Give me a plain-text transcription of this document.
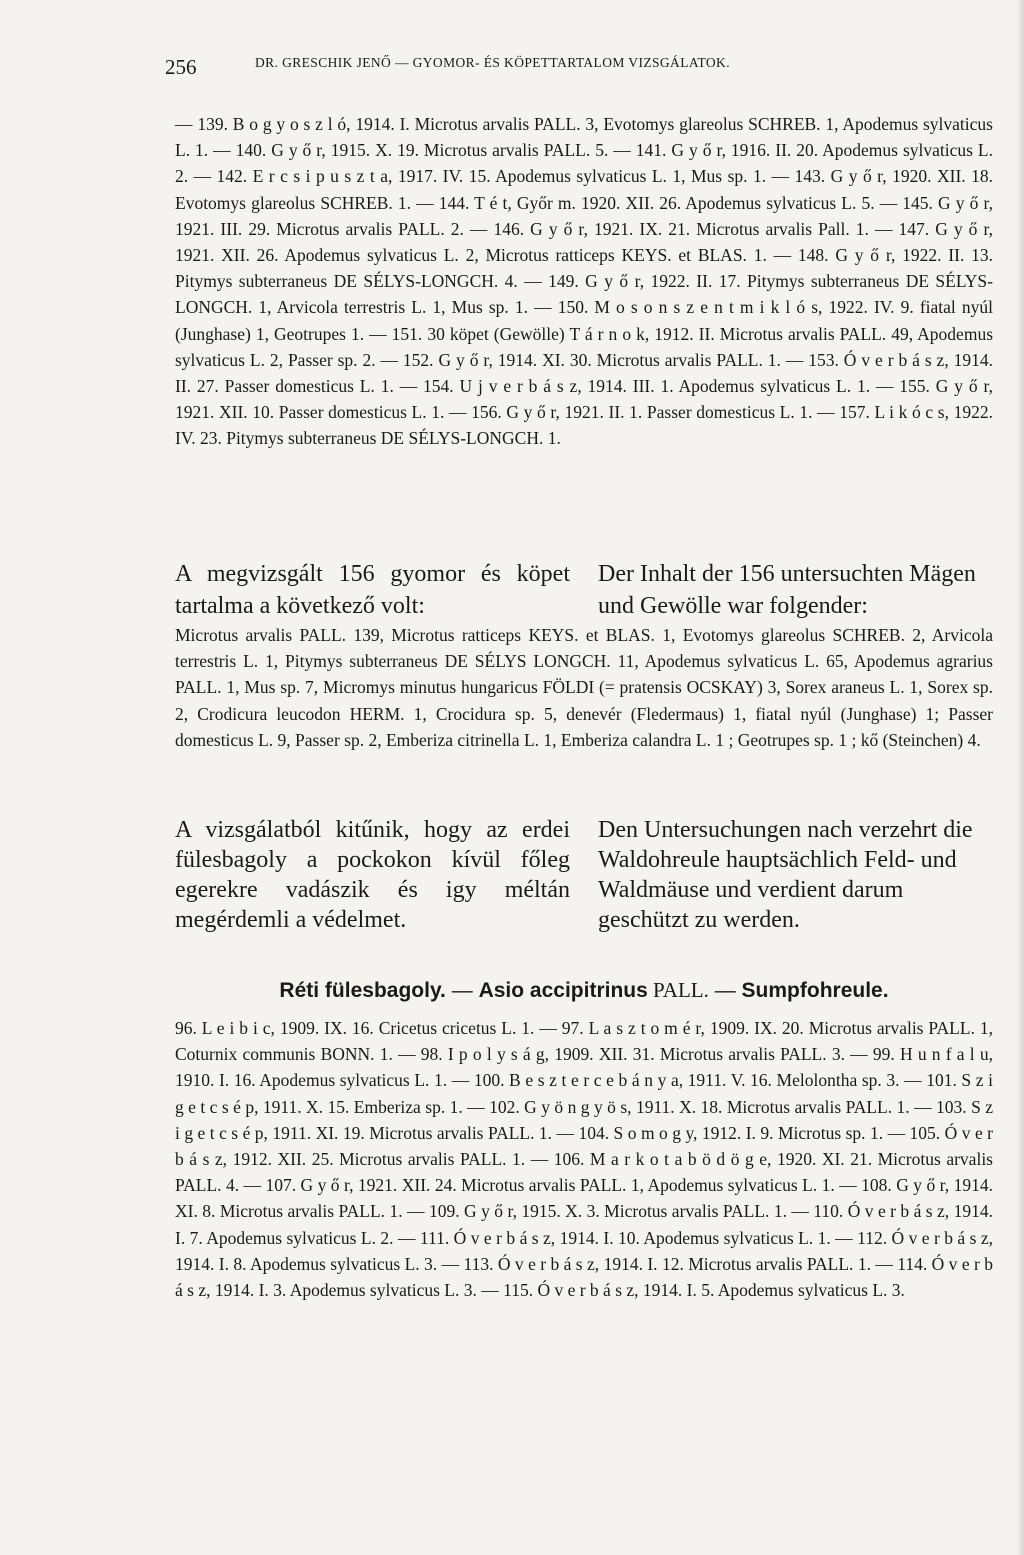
256	DR. GRESCHIK JENŐ — GYOMOR- ÉS KÖPETTARTALOM VIZSGÁLATOK.

— 139. B o g y o s z l ó, 1914. I. Microtus arvalis PALL. 3, Evotomys glareolus SCHREB. 1, Apodemus sylvaticus L. 1. — 140. G y ő r, 1915. X. 19. Microtus arvalis PALL. 5. — 141. G y ő r, 1916. II. 20. Apodemus sylvaticus L. 2. — 142. E r c s i p u s z t a, 1917. IV. 15. Apodemus sylvaticus L. 1, Mus sp. 1. — 143. G y ő r, 1920. XII. 18. Evotomys glareolus SCHREB. 1. — 144. T é t, Győr m. 1920. XII. 26. Apodemus sylvaticus L. 5. — 145. G y ő r, 1921. III. 29. Microtus arvalis PALL. 2. — 146. G y ő r, 1921. IX. 21. Microtus arvalis Pall. 1. — 147. G y ő r, 1921. XII. 26. Apodemus sylvaticus L. 2, Microtus ratticeps KEYS. et BLAS. 1. — 148. G y ő r, 1922. II. 13. Pitymys subterraneus DE SÉLYS-LONGCH. 4. — 149. G y ő r, 1922. II. 17. Pitymys subterraneus DE SÉLYS-LONGCH. 1, Arvicola terrestris L. 1, Mus sp. 1. — 150. M o s o n s z e n t m i k l ó s, 1922. IV. 9. fiatal nyúl (Junghase) 1, Geotrupes 1. — 151. 30 köpet (Gewölle) T á r n o k, 1912. II. Microtus arvalis PALL. 49, Apodemus sylvaticus L. 2, Passer sp. 2. — 152. G y ő r, 1914. XI. 30. Microtus arvalis PALL. 1. — 153. Ó v e r b á s z, 1914. II. 27. Passer domesticus L. 1. — 154. U j v e r b á s z, 1914. III. 1. Apodemus sylvaticus L. 1. — 155. G y ő r, 1921. XII. 10. Passer domesticus L. 1. — 156. G y ő r, 1921. II. 1. Passer domesticus L. 1. — 157. L i k ó c s, 1922. IV. 23. Pitymys subterraneus DE SÉLYS-LONGCH. 1.

A megvizsgált 156 gyomor és köpet tartalma a következő volt:
Der Inhalt der 156 untersuchten Mägen und Gewölle war folgender:

Microtus arvalis PALL. 139, Microtus ratticeps KEYS. et BLAS. 1, Evotomys glareolus SCHREB. 2, Arvicola terrestris L. 1, Pitymys subterraneus DE SÉLYS LONGCH. 11, Apodemus sylvaticus L. 65, Apodemus agrarius PALL. 1, Mus sp. 7, Micromys minutus hungaricus FÖLDI (= pratensis OCSKAY) 3, Sorex araneus L. 1, Sorex sp. 2, Crodicura leucodon HERM. 1, Crocidura sp. 5, denevér (Fledermaus) 1, fiatal nyúl (Junghase) 1; Passer domesticus L. 9, Passer sp. 2, Emberiza citrinella L. 1, Emberiza calandra L. 1 ; Geotrupes sp. 1 ; kő (Steinchen) 4.

A vizsgálatból kitűnik, hogy az erdei fülesbagoly a pockokon kívül főleg egerekre vadászik és igy méltán megérdemli a védelmet.
Den Untersuchungen nach verzehrt die Waldohreule hauptsächlich Feld- und Waldmäuse und verdient darum geschützt zu werden.
Réti fülesbagoly. — Asio accipitrinus PALL. — Sumpfohreule.

96. L e i b i c, 1909. IX. 16. Cricetus cricetus L. 1. — 97. L a s z t o m é r, 1909. IX. 20. Microtus arvalis PALL. 1, Coturnix communis BONN. 1. — 98. I p o l y s á g, 1909. XII. 31. Microtus arvalis PALL. 3. — 99. H u n f a l u, 1910. I. 16. Apodemus sylvaticus L. 1. — 100. B e s z t e r c e b á n y a, 1911. V. 16. Melolontha sp. 3. — 101. S z i g e t c s é p, 1911. X. 15. Emberiza sp. 1. — 102. G y ö n g y ö s, 1911. X. 18. Microtus arvalis PALL. 1. — 103. S z i g e t c s é p, 1911. XI. 19. Microtus arvalis PALL. 1. — 104. S o m o g y, 1912. I. 9. Microtus sp. 1. — 105. Ó v e r b á s z, 1912. XII. 25. Microtus arvalis PALL. 1. — 106. M a r k o t a b ö d ö g e, 1920. XI. 21. Microtus arvalis PALL. 4. — 107. G y ő r, 1921. XII. 24. Microtus arvalis PALL. 1, Apodemus sylvaticus L. 1. — 108. G y ő r, 1914. XI. 8. Microtus arvalis PALL. 1. — 109. G y ő r, 1915. X. 3. Microtus arvalis PALL. 1. — 110. Ó v e r b á s z, 1914. I. 7. Apodemus sylvaticus L. 2. — 111. Ó v e r b á s z, 1914. I. 10. Apodemus sylvaticus L. 1. — 112. Ó v e r b á s z, 1914. I. 8. Apodemus sylvaticus L. 3. — 113. Ó v e r b á s z, 1914. I. 12. Microtus arvalis PALL. 1. — 114. Ó v e r b á s z, 1914. I. 3. Apodemus sylvaticus L. 3. — 115. Ó v e r b á s z, 1914. I. 5. Apodemus sylvaticus L. 3.
